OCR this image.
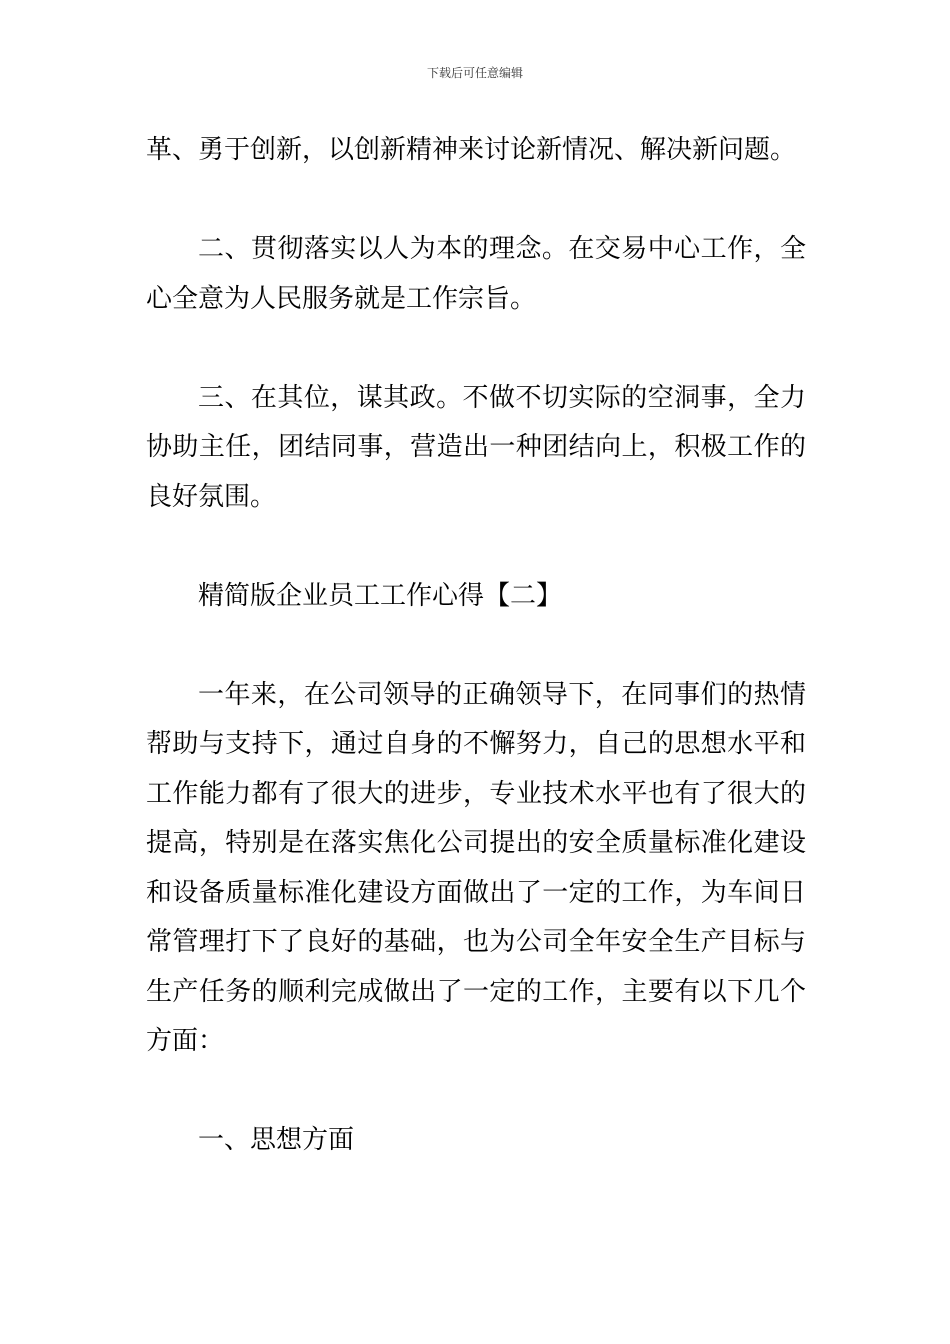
下载后可任意编辑

革、勇于创新，以创新精神来讨论新情况、解决新问题。

二、贯彻落实以人为本的理念。在交易中心工作，全心全意为人民服务就是工作宗旨。

三、在其位，谋其政。不做不切实际的空洞事，全力协助主任，团结同事，营造出一种团结向上，积极工作的良好氛围。

精简版企业员工工作心得【二】

一年来，在公司领导的正确领导下，在同事们的热情帮助与支持下，通过自身的不懈努力，自己的思想水平和工作能力都有了很大的进步，专业技术水平也有了很大的提高，特别是在落实焦化公司提出的安全质量标准化建设和设备质量标准化建设方面做出了一定的工作，为车间日常管理打下了良好的基础，也为公司全年安全生产目标与生产任务的顺利完成做出了一定的工作，主要有以下几个方面：

一、思想方面
